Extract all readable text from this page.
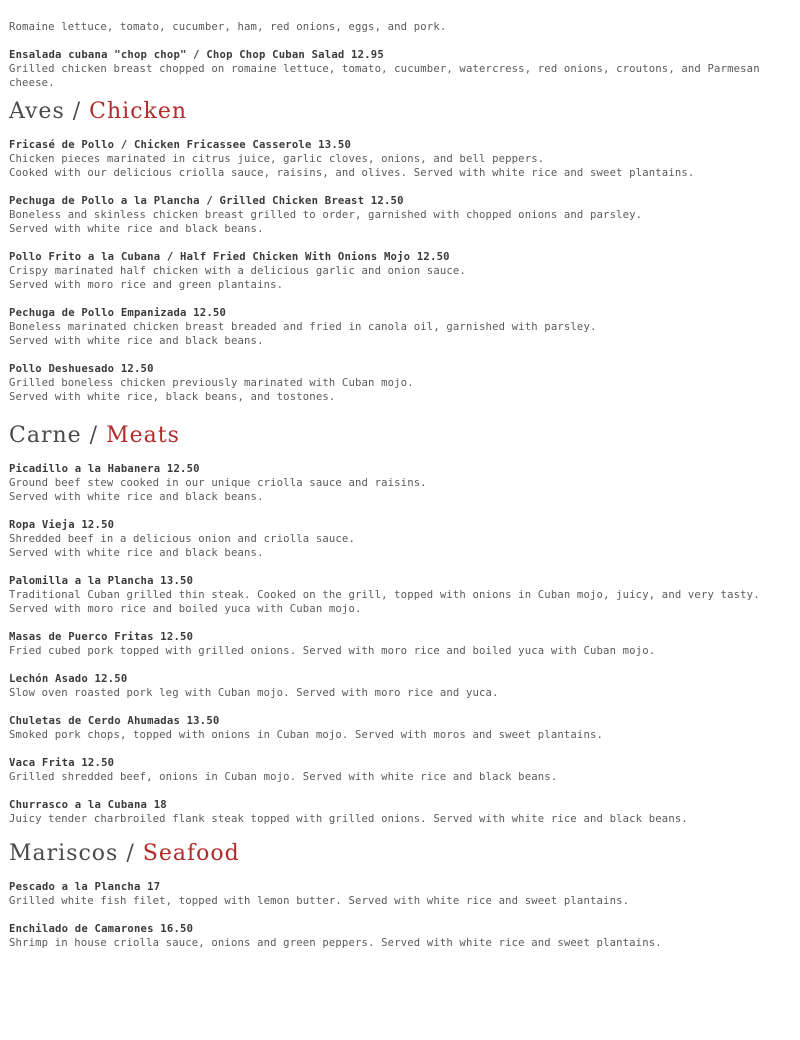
Romaine lettuce, tomato, cucumber, ham, red onions, eggs, and pork.
Ensalada cubana "chop chop" / Chop Chop Cuban Salad 12.95
Grilled chicken breast chopped on romaine lettuce, tomato, cucumber, watercress, red onions, croutons, and Parmesan cheese.
Aves / Chicken
Fricasé de Pollo / Chicken Fricassee Casserole 13.50
Chicken pieces marinated in citrus juice, garlic cloves, onions, and bell peppers.
Cooked with our delicious criolla sauce, raisins, and olives. Served with white rice and sweet plantains.
Pechuga de Pollo a la Plancha / Grilled Chicken Breast 12.50
Boneless and skinless chicken breast grilled to order, garnished with chopped onions and parsley.
Served with white rice and black beans.
Pollo Frito a la Cubana / Half Fried Chicken With Onions Mojo 12.50
Crispy marinated half chicken with a delicious garlic and onion sauce.
Served with moro rice and green plantains.
Pechuga de Pollo Empanizada 12.50
Boneless marinated chicken breast breaded and fried in canola oil, garnished with parsley.
Served with white rice and black beans.
Pollo Deshuesado 12.50
Grilled boneless chicken previously marinated with Cuban mojo.
Served with white rice, black beans, and tostones.
Carne / Meats
Picadillo a la Habanera 12.50
Ground beef stew cooked in our unique criolla sauce and raisins.
Served with white rice and black beans.
Ropa Vieja 12.50
Shredded beef in a delicious onion and criolla sauce.
Served with white rice and black beans.
Palomilla a la Plancha 13.50
Traditional Cuban grilled thin steak. Cooked on the grill, topped with onions in Cuban mojo, juicy, and very tasty.
Served with moro rice and boiled yuca with Cuban mojo.
Masas de Puerco Fritas 12.50
Fried cubed pork topped with grilled onions. Served with moro rice and boiled yuca with Cuban mojo.
Lechón Asado 12.50
Slow oven roasted pork leg with Cuban mojo. Served with moro rice and yuca.
Chuletas de Cerdo Ahumadas 13.50
Smoked pork chops, topped with onions in Cuban mojo. Served with moros and sweet plantains.
Vaca Frita 12.50
Grilled shredded beef, onions in Cuban mojo. Served with white rice and black beans.
Churrasco a la Cubana 18
Juicy tender charbroiled flank steak topped with grilled onions. Served with white rice and black beans.
Mariscos / Seafood
Pescado a la Plancha 17
Grilled white fish filet, topped with lemon butter. Served with white rice and sweet plantains.
Enchilado de Camarones 16.50
Shrimp in house criolla sauce, onions and green peppers. Served with white rice and sweet plantains.
